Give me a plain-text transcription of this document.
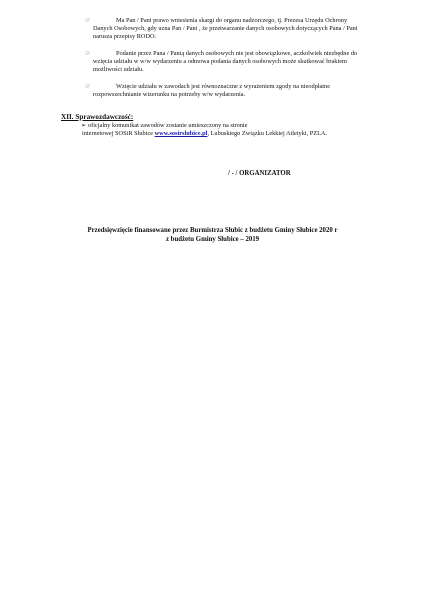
☞	Ma Pan / Pani prawo wniesienia skargi do organu nadzorczego, tj. Prezesa Urzędu Ochrony Danych Osobowych, gdy uzna Pan / Pani , że przetwarzanie danych osobowych dotyczących Pana / Pani narusza przepisy RODO.
☞	Podanie przez Pana / Panią danych osobowych nie jest obowiązkowe, aczkolwiek niezbędne do wzięcia udziału w w/w wydarzeniu a odmowa podania danych osobowych może skutkować brakiem możliwości udziału.
☞	Wzięcie udziału w zawodach jest równoznaczne z wyrażeniem zgody na nieodpłatne rozpowszechnianie wizerunku na potrzeby w/w wydarzenia.
XII. Sprawozdawczość:
➢ oficjalny komunikat zawodów zostanie umieszczony na stronie
internetowej SOSiR Słubice www.sosirslubice.pl, Lubuskiego Związku Lekkiej Atletyki, PZLA.
/ - / ORGANIZATOR
Przedsięwzięcie finansowane przez Burmistrza Słubic z budżetu Gminy Słubice 2020 r
z budżetu Gminy Słubice – 2019
